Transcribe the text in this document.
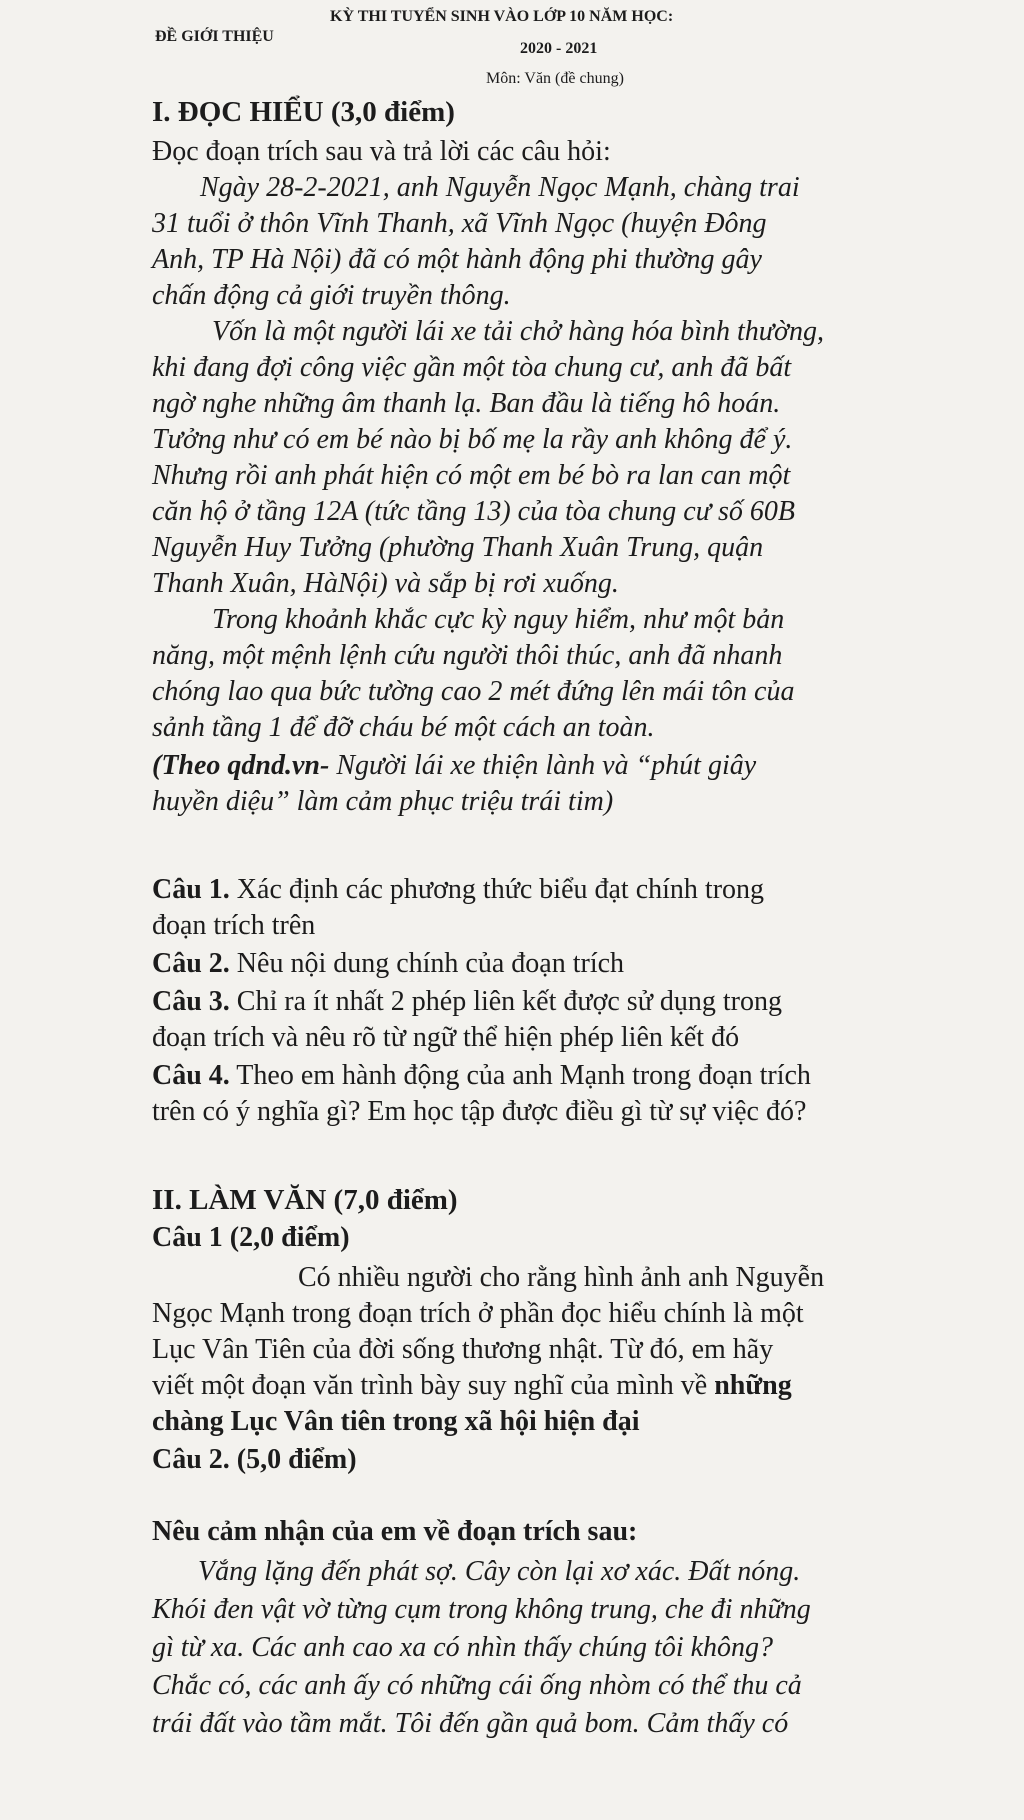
ĐỀ GIỚI THIỆU
KỲ THI TUYỂN SINH VÀO LỚP 10 NĂM HỌC:
2020 - 2021
Môn: Văn (đề chung)
I. ĐỌC HIỂU (3,0 điểm)
Đọc đoạn trích sau và trả lời các câu hỏi:
Ngày 28-2-2021, anh Nguyễn Ngọc Mạnh, chàng trai
31 tuổi ở thôn Vĩnh Thanh, xã Vĩnh Ngọc (huyện Đông
Anh, TP Hà Nội) đã có một hành động phi thường gây
chấn động cả giới truyền thông.
Vốn là một người lái xe tải chở hàng hóa bình thường,
khi đang đợi công việc gần một tòa chung cư, anh đã bất
ngờ nghe những âm thanh lạ. Ban đầu là tiếng hô hoán.
Tưởng như có em bé nào bị bố mẹ la rầy anh không để ý.
Nhưng rồi anh phát hiện có một em bé bò ra lan can một
căn hộ ở tầng 12A (tức tầng 13) của tòa chung cư số 60B
Nguyễn Huy Tưởng (phường Thanh Xuân Trung, quận
Thanh Xuân, HàNội) và sắp bị rơi xuống.
Trong khoảnh khắc cực kỳ nguy hiểm, như một bản
năng, một mệnh lệnh cứu người thôi thúc, anh đã nhanh
chóng lao qua bức tường cao 2 mét đứng lên mái tôn của
sảnh tầng 1 để đỡ cháu bé một cách an toàn.
(Theo qdnd.vn- Người lái xe thiện lành và “phút giây
huyền diệu” làm cảm phục triệu trái tim)
Câu 1. Xác định các phương thức biểu đạt chính trong
đoạn trích trên
Câu 2. Nêu nội dung chính của đoạn trích
Câu 3. Chỉ ra ít nhất 2 phép liên kết được sử dụng trong
đoạn trích và nêu rõ từ ngữ thể hiện phép liên kết đó
Câu 4. Theo em hành động của anh Mạnh trong đoạn trích
trên có ý nghĩa gì? Em học tập được điều gì từ sự việc đó?
II. LÀM VĂN (7,0 điểm)
Câu 1 (2,0 điểm)
Có nhiều người cho rằng hình ảnh anh Nguyễn
Ngọc Mạnh trong đoạn trích ở phần đọc hiểu chính là một
Lục Vân Tiên của đời sống thương nhật. Từ đó, em hãy
viết một đoạn văn trình bày suy nghĩ của mình về những
chàng Lục Vân tiên trong xã hội hiện đại
Câu 2. (5,0 điểm)
Nêu cảm nhận của em về đoạn trích sau:
Vắng lặng đến phát sợ. Cây còn lại xơ xác. Đất nóng.
Khói đen vật vờ từng cụm trong không trung, che đi những
gì từ xa. Các anh cao xa có nhìn thấy chúng tôi không?
Chắc có, các anh ấy có những cái ống nhòm có thể thu cả
trái đất vào tầm mắt. Tôi đến gần quả bom. Cảm thấy có
